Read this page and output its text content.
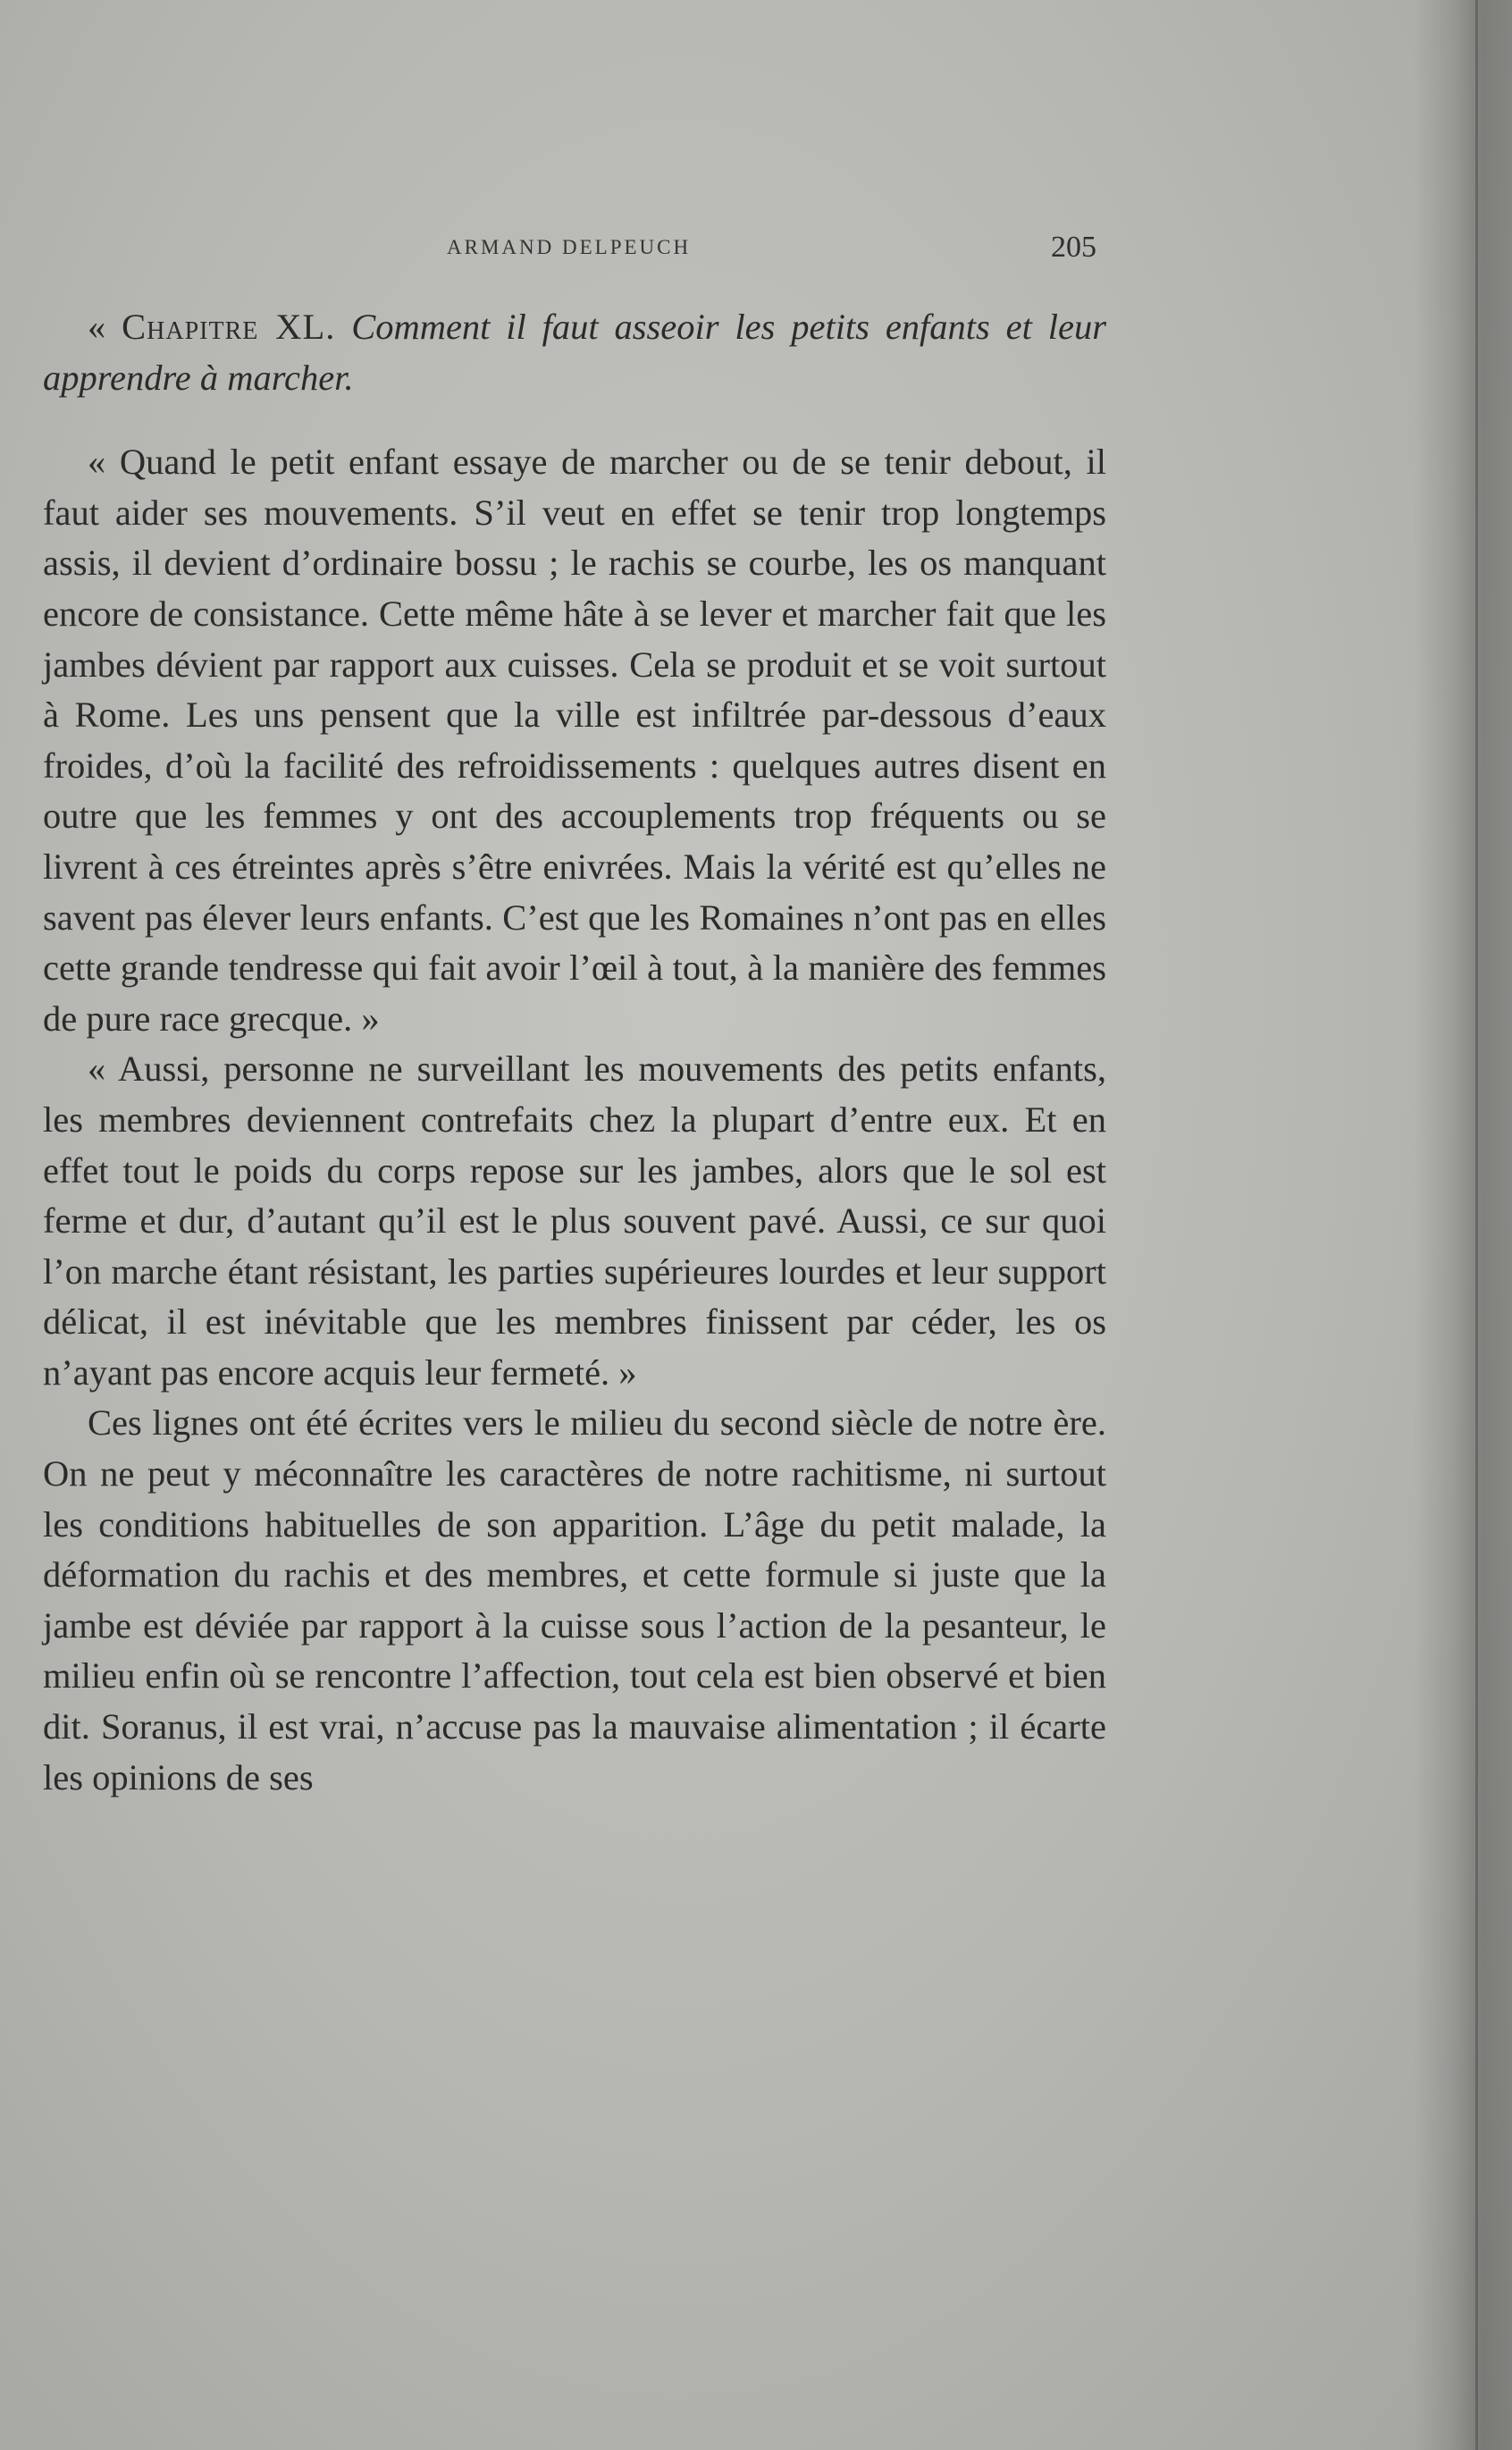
ARMAND DELPEUCH	205

« Chapitre XL. Comment il faut asseoir les petits enfants et leur apprendre à marcher.

« Quand le petit enfant essaye de marcher ou de se tenir debout, il faut aider ses mouvements. S’il veut en effet se tenir trop longtemps assis, il devient d’ordinaire bossu ; le rachis se courbe, les os manquant encore de consistance. Cette même hâte à se lever et marcher fait que les jambes dévient par rapport aux cuisses. Cela se produit et se voit surtout à Rome. Les uns pensent que la ville est infiltrée par-dessous d’eaux froides, d’où la facilité des refroidissements : quelques autres disent en outre que les femmes y ont des accouplements trop fréquents ou se livrent à ces étreintes après s’être enivrées. Mais la vérité est qu’elles ne savent pas élever leurs enfants. C’est que les Romaines n’ont pas en elles cette grande tendresse qui fait avoir l’œil à tout, à la manière des femmes de pure race grecque. »

« Aussi, personne ne surveillant les mouvements des petits enfants, les membres deviennent contrefaits chez la plupart d’entre eux. Et en effet tout le poids du corps repose sur les jambes, alors que le sol est ferme et dur, d’autant qu’il est le plus souvent pavé. Aussi, ce sur quoi l’on marche étant résistant, les parties supérieures lourdes et leur support délicat, il est inévitable que les membres finissent par céder, les os n’ayant pas encore acquis leur fermeté. »

Ces lignes ont été écrites vers le milieu du second siècle de notre ère. On ne peut y méconnaître les caractères de notre rachitisme, ni surtout les conditions habituelles de son apparition. L’âge du petit malade, la déformation du rachis et des membres, et cette formule si juste que la jambe est déviée par rapport à la cuisse sous l’action de la pesanteur, le milieu enfin où se rencontre l’affection, tout cela est bien observé et bien dit. Soranus, il est vrai, n’accuse pas la mauvaise alimentation ; il écarte les opinions de ses
